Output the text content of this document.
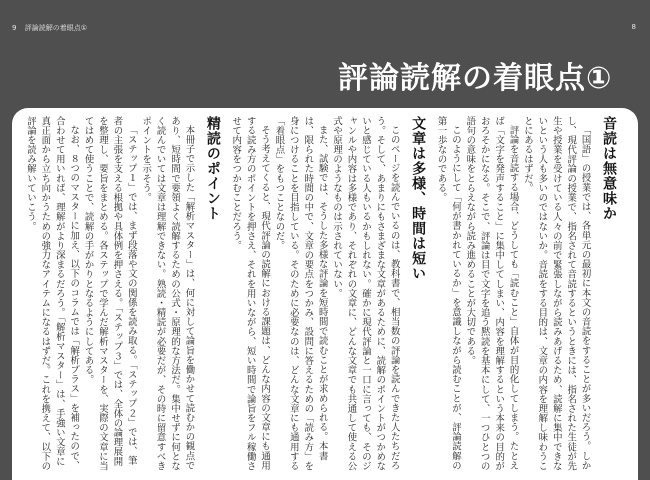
9 評論読解の着眼点①	8
評論読解の着眼点①
音読は無意味か

「国語」の授業では、各単元の最初に本文の音読をすることが多いだろう。しかし、現代評論の授業で、指名されて音読するというときには、指名された生徒が先生や授業を受けている人々の前で緊張しながら読みあげるため、読解に集中できないという人も多いのではないか。音読をする目的は、文章の内容を理解し味わうことにあるはずだ。

評論を音読する場合、どうしても「読むこと」自体が目的化してしまう。たとえば「文字を発声すること」に集中してしまい、内容を理解するという本来の目的がおろそかになる。そこで、評論は目で文字を追う黙読を基本にして、一つひとつの語句の意味をとらえながら読み進めることが大切である。

このようにして「何が書かれているか」を意識しながら読むことが、評論読解の第一歩なのである。

文章は多様、時間は短い

このページを読んでいるのは、教科書で、相当数の評論を読んできた人たちだろう。そして、あまりにもさまざまな文章があるために、読解のポイントがつかめないと感じている人もいるかもしれない。確かに現代評論と一口に言っても、そのジャンルや内容は多様であり、それぞれの文章に、どんな文章でも共通して使える公式や原理のようなものは示されていない。

また、試験では、そうした多様な評論を短時間で読むことが求められる。本書は、限られた時間の中で、文章の要点をつかみ、設問に答えるための「読み方」を身につけることを目指している。そのために必要なのは、どんな文章にも通用する「着眼点」をもつことなのだ。

そう考えてくると、現代評論の読解における課題は、どんな内容の文章にも通用する読み方のポイントを押さえ、それを用いながら、短い時間で論旨をフル稼働させて内容をつかむことだろう。

精読のポイント

本冊子で示した「解析マスター」は、何に対して論旨を働かせて読むかの観点であり、短時間で要領よく読解するための公式・原理的な方法だ。集中せずに何となく読んでいては文章は理解できない。熟読・精読が必要だが、その時に留意すべきポイントを示そう。

「ステップ１」では、まず段落や文の関係を読み取る。「ステップ２」では、筆者の主張を支える根拠や具体例を押さえる。「ステップ３」では、全体の論理展開を整理し、要旨をまとめる。各ステップで学んだ解析マスターを、実際の文章に当てはめて使うことで、読解の手がかりとなるようにしてある。

なお、８つのマスターに加え、以下のコラムでは「解析プラス」を補ったので、合わせて用いれば、理解がより深まるだろう。「解析マスター」は、手強い文章に真正面から立ち向かうための強力なアイテムになるはずだ。これを携えて、以下の評論を読み解いていこう。
